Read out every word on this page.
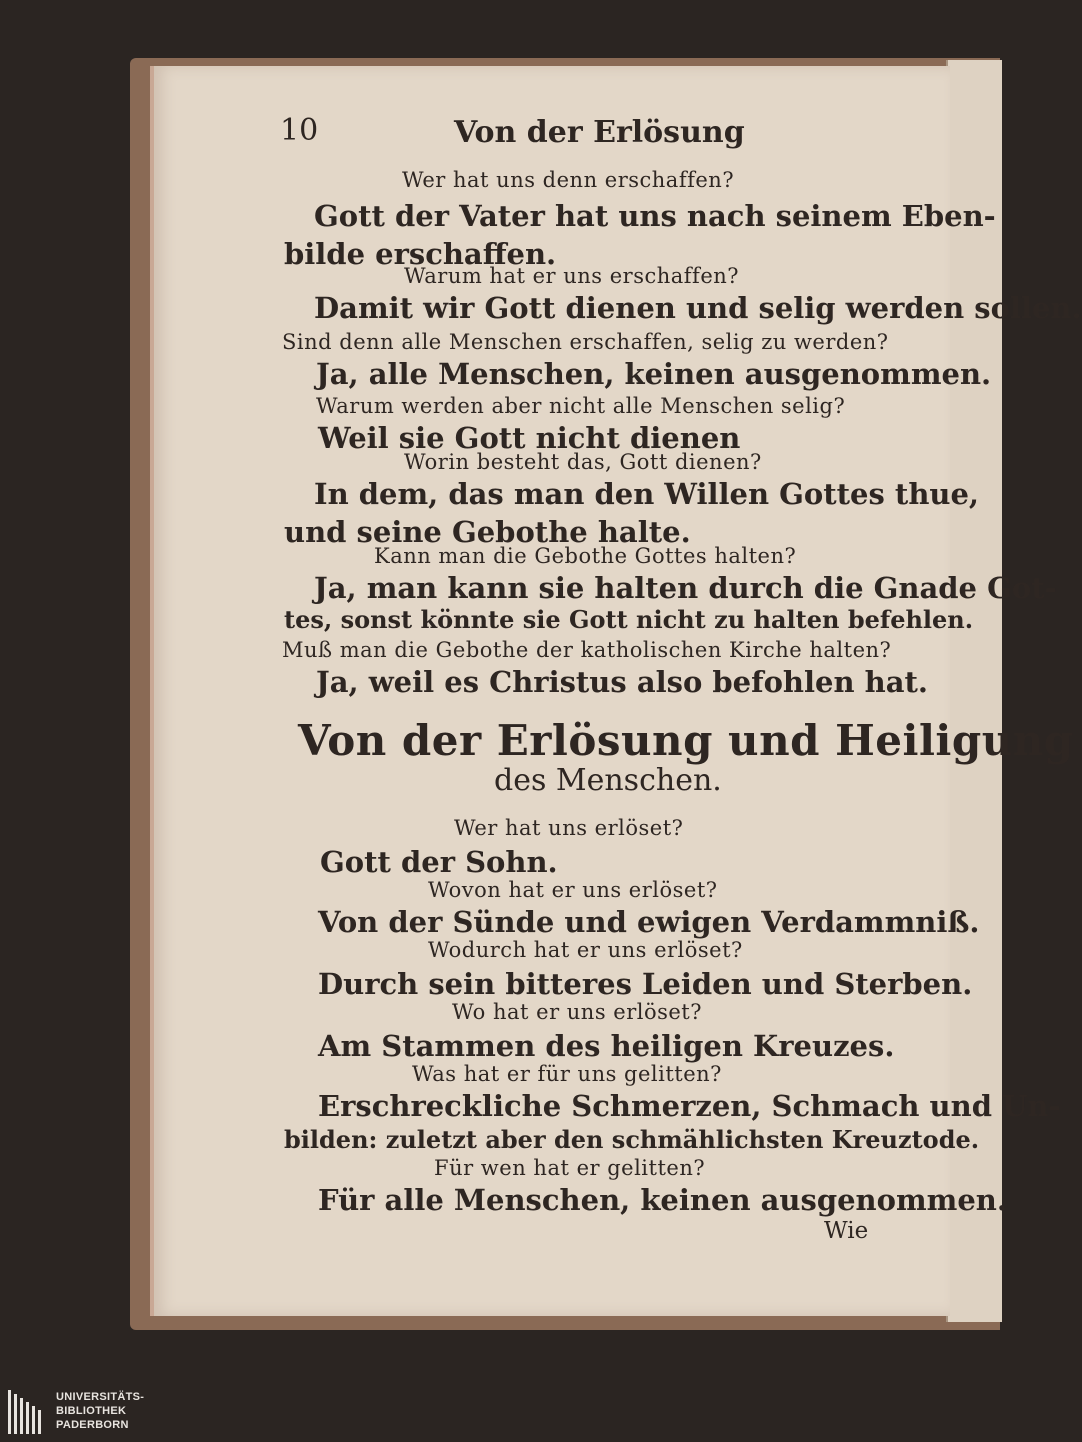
10	Von der Erlösung
Wer hat uns denn erschaffen?
Gott der Vater hat uns nach seinem Eben-
bilde erschaffen.
Warum hat er uns erschaffen?
Damit wir Gott dienen und selig werden sollen.
Sind denn alle Menschen erschaffen, selig zu werden?
Ja, alle Menschen, keinen ausgenommen.
Warum werden aber nicht alle Menschen selig?
Weil sie Gott nicht dienen
Worin besteht das, Gott dienen?
In dem, das man den Willen Gottes thue,
und seine Gebothe halte.
Kann man die Gebothe Gottes halten?
Ja, man kann sie halten durch die Gnade Got-
tes, sonst könnte sie Gott nicht zu halten befehlen.
Muß man die Gebothe der katholischen Kirche halten?
Ja, weil es Christus also befohlen hat.
Von der Erlösung und Heiligung
des Menschen.
Wer hat uns erlöset?
Gott der Sohn.
Wovon hat er uns erlöset?
Von der Sünde und ewigen Verdammniß.
Wodurch hat er uns erlöset?
Durch sein bitteres Leiden und Sterben.
Wo hat er uns erlöset?
Am Stammen des heiligen Kreuzes.
Was hat er für uns gelitten?
Erschreckliche Schmerzen, Schmach und Un-
bilden: zuletzt aber den schmählichsten Kreuztode.
Für wen hat er gelitten?
Für alle Menschen, keinen ausgenommen.
Wie
UNIVERSITÄTS-
BIBLIOTHEK
PADERBORN
